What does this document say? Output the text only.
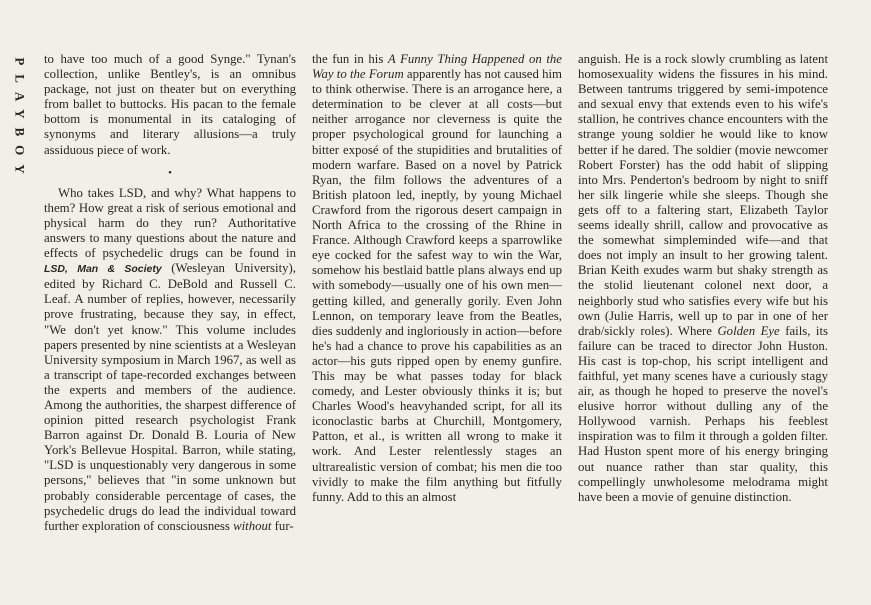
PLAYBOY to have too much of a good Synge." Tynan's collection, unlike Bentley's, is an omnibus package, not just on theater but on everything from ballet to buttocks. His pacan to the female bottom is monumental in its cataloging of synonyms and literary allusions—a truly assiduous piece of work.

•

Who takes LSD, and why? What happens to them? How great a risk of serious emotional and physical harm do they run? Authoritative answers to many questions about the nature and effects of psychedelic drugs can be found in LSD, Man & Society (Wesleyan University), edited by Richard C. DeBold and Russell C. Leaf. A number of replies, however, necessarily prove frustrating, because they say, in effect, "We don't yet know." This volume includes papers presented by nine scientists at a Wesleyan University symposium in March 1967, as well as a transcript of tape-recorded exchanges between the experts and members of the audience. Among the authorities, the sharpest difference of opinion pitted research psychologist Frank Barron against Dr. Donald B. Louria of New York's Bellevue Hospital. Barron, while stating, "LSD is unquestionably very dangerous in some persons," believes that "in some unknown but probably considerable percentage of cases, the psychedelic drugs do lead the individual toward further exploration of consciousness without fur-

the fun in his A Funny Thing Happened on the Way to the Forum apparently has not caused him to think otherwise. There is an arrogance here, a determination to be clever at all costs—but neither arrogance nor cleverness is quite the proper psychological ground for launching a bitter exposé of the stupidities and brutalities of modern warfare. Based on a novel by Patrick Ryan, the film follows the adventures of a British platoon led, ineptly, by young Michael Crawford from the rigorous desert campaign in North Africa to the crossing of the Rhine in France. Although Crawford keeps a sparrowlike eye cocked for the safest way to win the War, somehow his bestlaid battle plans always end up with somebody—usually one of his own men—getting killed, and generally gorily. Even John Lennon, on temporary leave from the Beatles, dies suddenly and ingloriously in action—before he's had a chance to prove his capabilities as an actor—his guts ripped open by enemy gunfire. This may be what passes today for black comedy, and Lester obviously thinks it is; but Charles Wood's heavyhanded script, for all its iconoclastic barbs at Churchill, Montgomery, Patton, et al., is written all wrong to make it work. And Lester relentlessly stages an ultrarealistic version of combat; his men die too vividly to make the film anything but fitfully funny. Add to this an almost

anguish. He is a rock slowly crumbling as latent homosexuality widens the fissures in his mind. Between tantrums triggered by semi-impotence and sexual envy that extends even to his wife's stallion, he contrives chance encounters with the strange young soldier he would like to know better if he dared. The soldier (movie newcomer Robert Forster) has the odd habit of slipping into Mrs. Penderton's bedroom by night to sniff her silk lingerie while she sleeps. Though she gets off to a faltering start, Elizabeth Taylor seems ideally shrill, callow and provocative as the somewhat simpleminded wife—and that does not imply an insult to her growing talent. Brian Keith exudes warm but shaky strength as the stolid lieutenant colonel next door, a neighborly stud who satisfies every wife but his own (Julie Harris, well up to par in one of her drab/sickly roles). Where Golden Eye fails, its failure can be traced to director John Huston. His cast is top-chop, his script intelligent and faithful, yet many scenes have a curiously stagy air, as though he hoped to preserve the novel's elusive horror without dulling any of the Hollywood varnish. Perhaps his feeblest inspiration was to film it through a golden filter. Had Huston spent more of his energy bringing out nuance rather than star quality, this compellingly unwholesome melodrama might have been a movie of genuine distinction.
